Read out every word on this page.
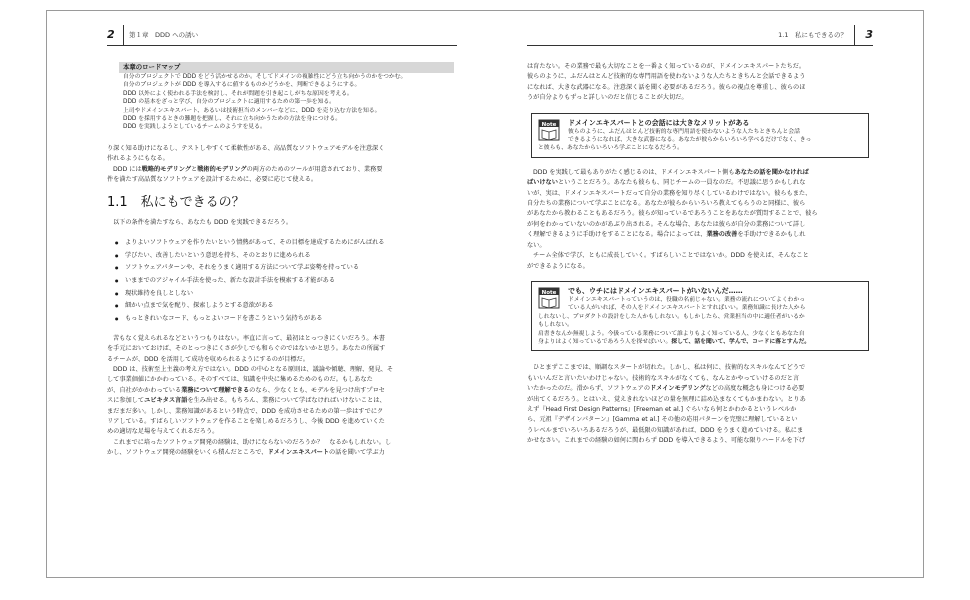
2 第１章　DDD への誘い
本章のロードマップ
自分のプロジェクトで DDD をどう活かせるのか。そしてドメインの複雑性にどう立ち向かうのかをつかむ。
自分のプロジェクトが DDD を導入するに値するものかどうかを、判断できるようにする。
DDD 以外によく使われる手法を検討し、それが問題を引き起こしがちな原因を考える。
DDD の基本をざっと学び、自分のプロジェクトに適用するための第一歩を知る。
上司やドメインエキスパート、あるいは技術担当のメンバーなどに、DDD を売り込む方法を知る。
DDD を採用するときの難題を把握し、それに立ち向かうための方法を身につける。
DDD を実践しようとしているチームのようすを見る。
り深く知る助けになるし、テストしやすくて柔軟性がある、高品質なソフトウェアモデルを注意深く
作れるようにもなる。
DDD には戦略的モデリングと戦術的モデリングの両方のためのツールが用意されており、業務要
件を満たす高品質なソフトウェアを設計するために、必要に応じて使える。
1.1　私にもできるの？
以下の条件を満たすなら、あなたも DDD を実践できるだろう。
● よりよいソフトウェアを作りたいという情熱があって、その目標を達成するためにがんばれる
● 学びたい、改善したいという意思を持ち、そのとおりに進められる
● ソフトウェアパターンや、それをうまく適用する方法について学ぶ姿勢を持っている
● いままでのアジャイル手法を使った、新たな設計手法を模索する才能がある
● 現状維持を良しとしない
● 細かい点まで気を配り、探索しようとする意欲がある
● もっときれいなコード、もっとよいコードを書こうという気持ちがある
苦もなく覚えられるなどというつもりはない。率直に言って、最初はとっつきにくいだろう。本書
を手元においておけば、そのとっつきにくさが少しでも和らぐのではないかと思う。あなたの所属す
るチームが、DDD を活用して成功を収められるようにするのが目標だ。
DDD は、技術至上主義の考え方ではない。DDD の中心となる原則は、議論や傾聴、理解、発見、そ
して事業価値にかかわっている。そのすべては、知識を中央に集めるためのものだ。もしあなた
が、自社がかかわっている業務について理解できるのなら、少なくとも、モデルを見つけ出すプロセ
スに参加してユビキタス言語を生み出せる。もちろん、業務について学ばなければいけないことは、
まだまだ多い。しかし、業務知識があるという時点で、DDD を成功させるための第一歩はすでにク
リアしている。すばらしいソフトウェアを作ることを楽しめるだろうし、今後 DDD を進めていくた
めの適切な足場を与えてくれるだろう。
これまでに培ったソフトウェア開発の経験は、助けにならないのだろうか？　なるかもしれない。し
かし、ソフトウェア開発の経験をいくら積んだところで、ドメインエキスパートの話を聞いて学ぶ力
1.1　私にもできるの？ 3
は育たない。その業務で最も大切なことを一番よく知っているのが、ドメインエキスパートたちだ。
彼らのように、ふだんはとんど技術的な専門用語を使わないような人たちときちんと会話できるよう
になれば、大きな武器になる。注意深く話を聞く必要があるだろう。彼らの視点を尊重し、彼らのほ
うが自分よりもずっと詳しいのだと信じることが大切だ。
Note ドメインエキスパートとの会話には大きなメリットがある
彼らのように、ふだんはとんど技術的な専門用語を使わないような人たちときちんと会話
できるようになれば、大きな武器になる。あなたが彼らからいろいろ学べるだけでなく、きっ
と彼らも、あなたからいろいろ学ぶことになるだろう。
DDD を実践して最もありがたく感じるのは、ドメインエキスパート側もあなたの話を聞かなければ
ばいけないということだろう。あなたも彼らも、同じチームの一員なのだ。不思議に思うかもしれな
いが、実は、ドメインエキスパートだって自分の業務を知り尽くしているわけではない。彼らもまた、
自分たちの業務について学ぶことになる。あなたが彼らからいろいろ教えてもらうのと同様に、彼ら
があなたから教わることもあるだろう。彼らが知っているであろうことをあなたが質問することで、彼ら
が何をわかっていないのかがあぶり出される。そんな場合、あなたは彼らが自分の業務について詳し
く理解できるように手助けをすることになる。場合によっては、業務の改善を手助けできるかもしれ
ない。
チーム全体で学び、ともに成長していく。すばらしいことではないか。DDD を使えば、そんなこと
ができるようになる。
Note でも、ウチにはドメインエキスパートがいないんだ……
ドメインエキスパートっていうのは、役職の名前じゃない。業務の流れについてよくわかっ
ている人がいれば、その人をドメインエキスパートとすればいい。業務知識に長けた人から
しれないし、プロダクトの設計をした人かもしれない。もしかしたら、営業担当の中に適任者がいるか
もしれない。
肩書きなんか無視しよう。今扱っている業務について誰よりもよく知っている人、少なくともあなた自
身よりはよく知っているであろう人を探せばいい。探して、話を聞いて、学んで、コードに落とすんだ。
ひとまずここまでは、順調なスタートが切れた。しかし、私は何に、技術的なスキルなんてどうで
もいいんだと言いたいわけじゃない。技術的なスキルがなくても、なんとかやっていけるのだと言
いたかったのだ。滑からず、ソフトウェアのドメインモデリングなどの高度な概念も身につける必要
が出てくるだろう。とはいえ、覚えきれないほどの量を無理に詰め込まなくてもかまわない。とりあ
えず『Head First Design Patterns』[Freeman et al.] ぐらいなら何とかわかるというレベルか
ら、元祖『デザインパターン』[Gamma et al.] その他の応用パターンを完璧に理解しているとい
うレベルまでいろいろあるだろうが、最低限の知識があれば、DDD をうまく進めていける。私にま
かせなさい。これまでの経験の如何に関わらず DDD を導入できるよう、可能な限りハードルを下げ
